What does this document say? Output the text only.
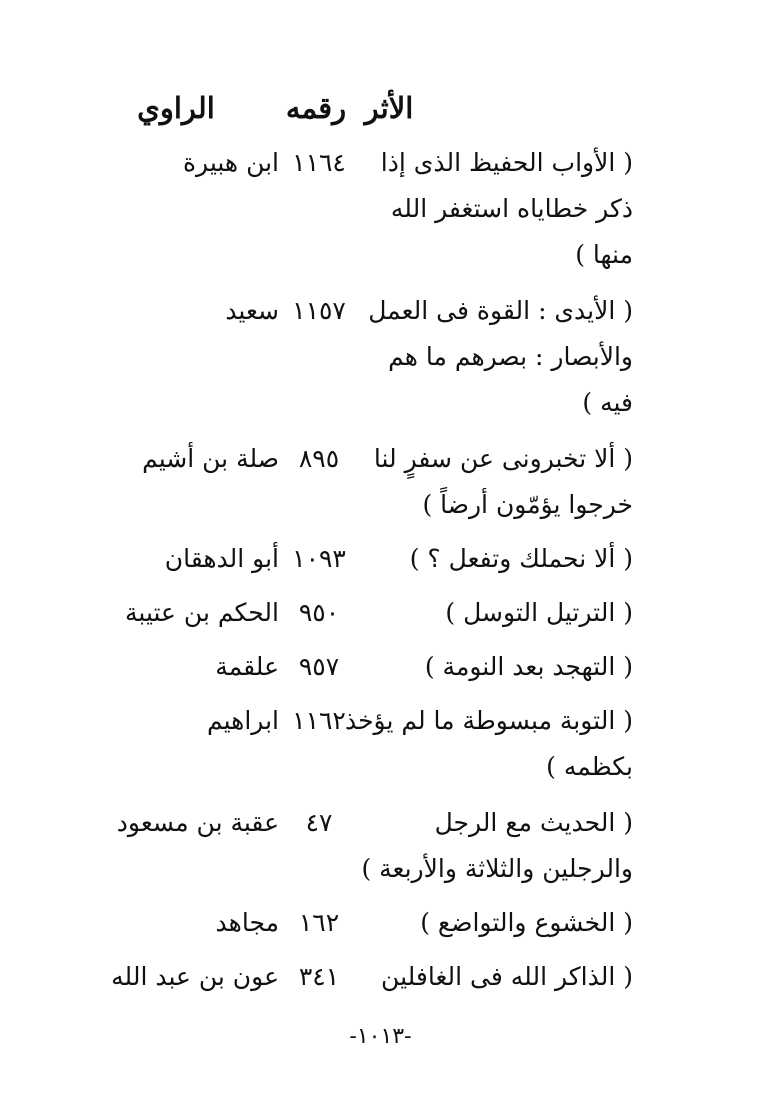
الأثر
رقمه
الراوي
( الأواب الحفيظ الذى إذا
ذكر خطاياه استغفر الله
منها )
١١٦٤
ابن هبيرة
( الأيدى : القوة فى العمل
والأبصار : بصرهم ما هم
فيه )
١١٥٧
سعيد
( ألا تخبرونى عن سفرٍ لنا
خرجوا يؤمّون أرضاً )
٨٩٥
صلة بن أشيم
( ألا نحملك وتفعل ؟ )
١٠٩٣
أبو الدهقان
( الترتيل التوسل )
٩٥٠
الحكم بن عتيبة
( التهجد بعد النومة )
٩٥٧
علقمة
( التوبة مبسوطة ما لم يؤخذ
بكظمه )
١١٦٢
ابراهيم
( الحديث مع الرجل
والرجلين والثلاثة والأربعة )
٤٧
عقبة بن مسعود
( الخشوع والتواضع )
١٦٢
مجاهد
( الذاكر الله فى الغافلين
٣٤١
عون بن عبد الله
-١٠١٣-
